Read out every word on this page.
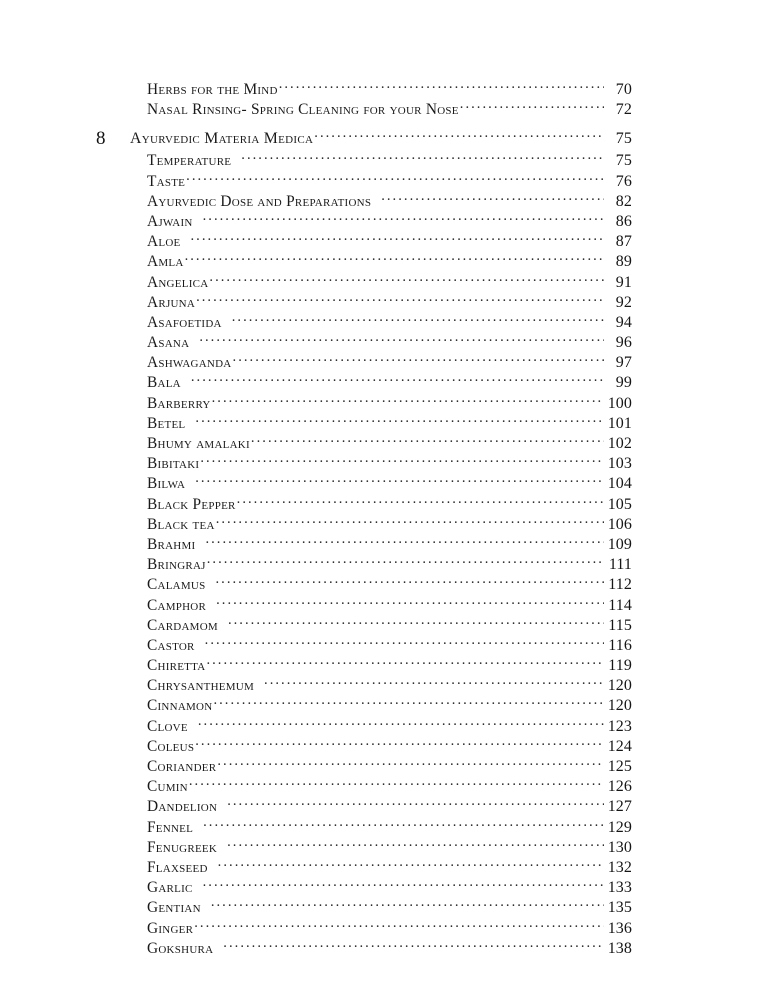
Herbs for the Mind .....	70
Nasal Rinsing- Spring Cleaning for your Nose .....	72
8	Ayurvedic Materia Medica .....	75
Temperature .....	75
Taste .....	76
Ayurvedic Dose and Preparations .....	82
Ajwain .....	86
Aloe .....	87
Amla .....	89
Angelica .....	91
Arjuna .....	92
Asafoetida .....	94
Asana .....	96
Ashwaganda .....	97
Bala .....	99
Barberry .....	100
Betel .....	101
Bhumy amalaki .....	102
Bibitaki .....	103
Bilwa .....	104
Black Pepper .....	105
Black tea .....	106
Brahmi .....	109
Bringraj .....	111
Calamus .....	112
Camphor .....	114
Cardamom .....	115
Castor .....	116
Chiretta .....	119
Chrysanthemum .....	120
Cinnamon .....	120
Clove .....	123
Coleus .....	124
Coriander .....	125
Cumin .....	126
Dandelion .....	127
Fennel .....	129
Fenugreek .....	130
Flaxseed .....	132
Garlic .....	133
Gentian .....	135
Ginger .....	136
Gokshura .....	138
